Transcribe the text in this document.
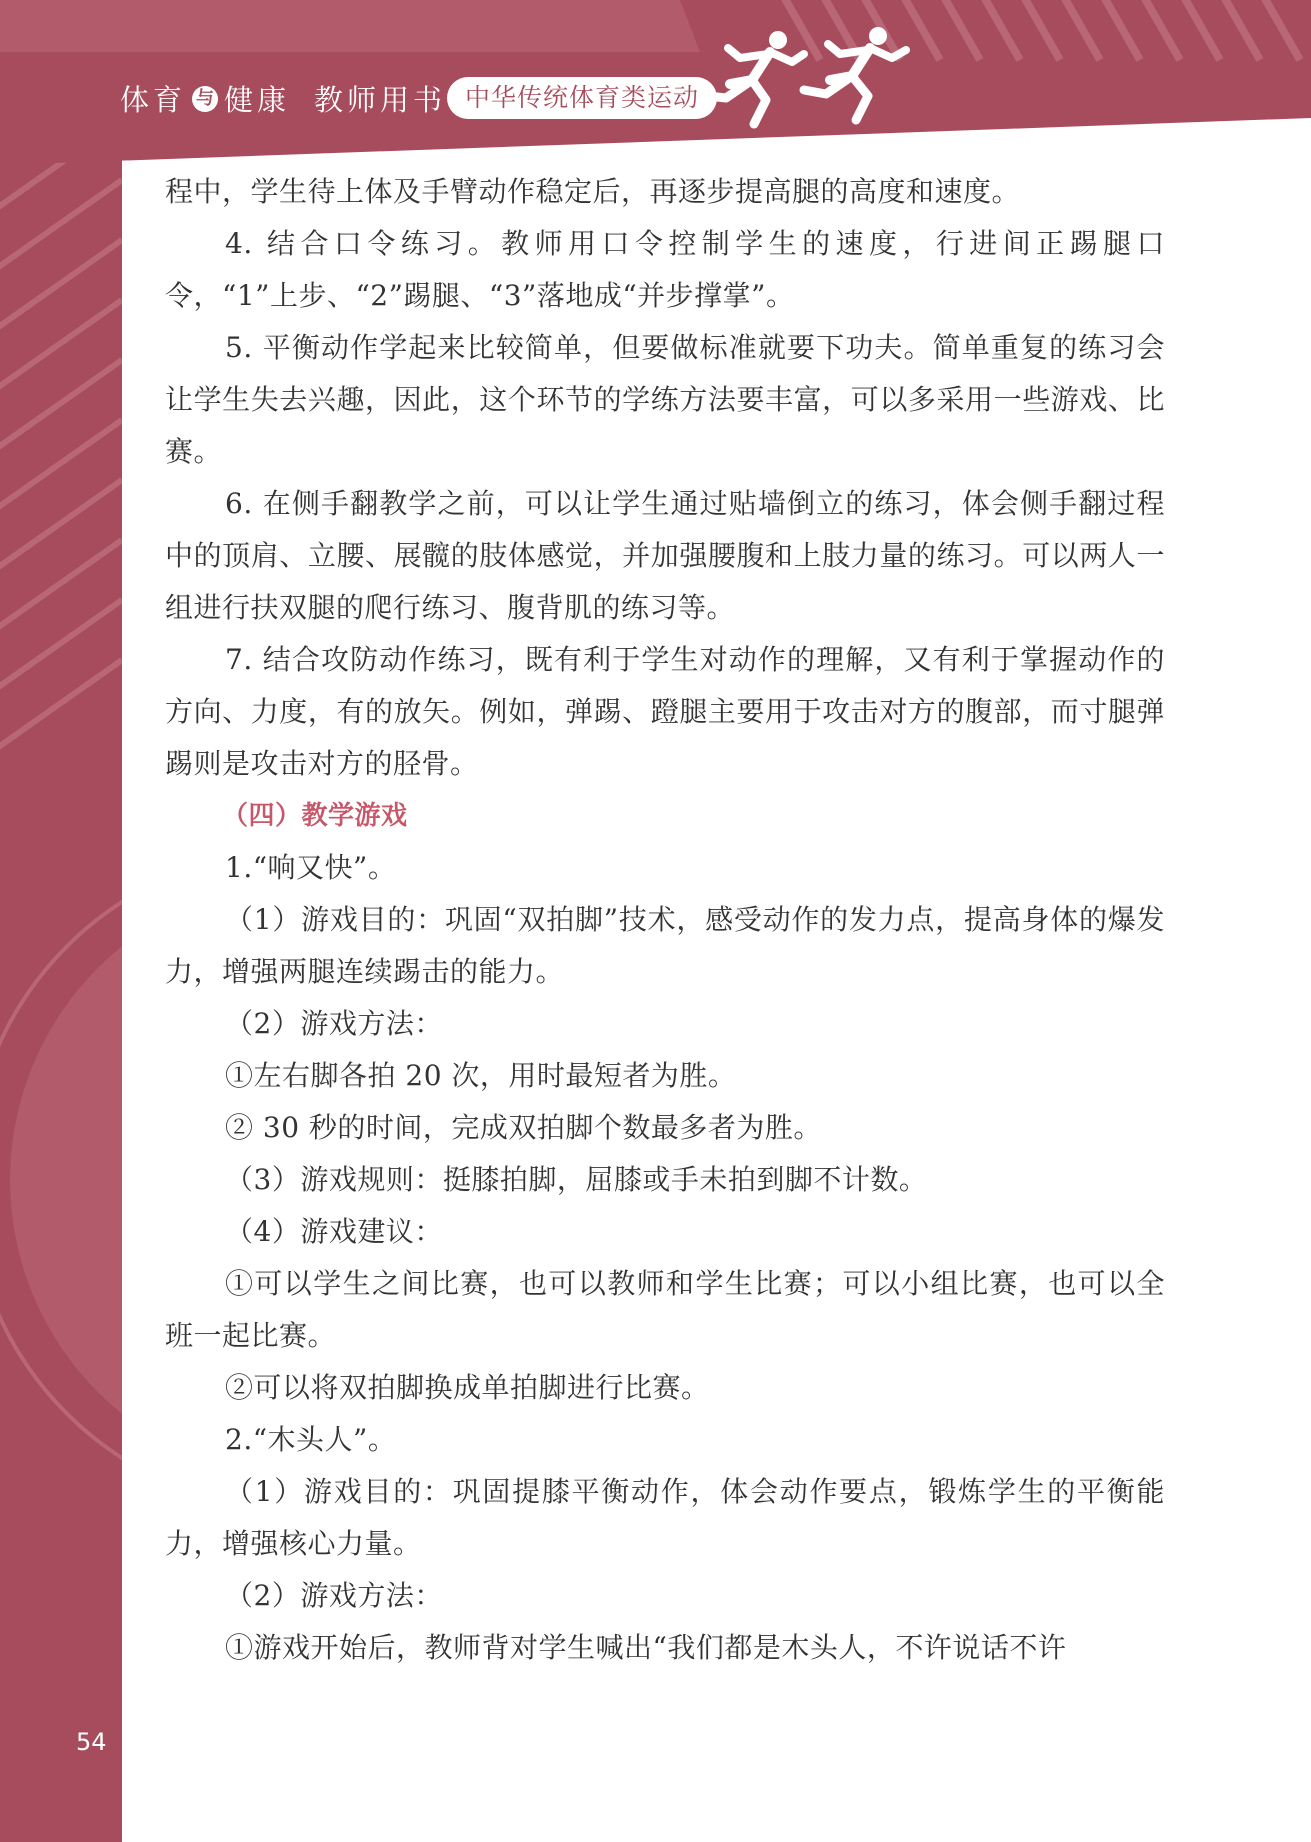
体育 与 健康 教师用书 中华传统体育类运动

程中，学生待上体及手臂动作稳定后，再逐步提高腿的高度和速度。

4. 结合口令练习。教师用口令控制学生的速度，行进间正踢腿口令，“1”上步、“2”踢腿、“3”落地成“并步撑掌”。

5. 平衡动作学起来比较简单，但要做标准就要下功夫。简单重复的练习会让学生失去兴趣，因此，这个环节的学练方法要丰富，可以多采用一些游戏、比赛。

6. 在侧手翻教学之前，可以让学生通过贴墙倒立的练习，体会侧手翻过程中的顶肩、立腰、展髋的肢体感觉，并加强腰腹和上肢力量的练习。可以两人一组进行扶双腿的爬行练习、腹背肌的练习等。

7. 结合攻防动作练习，既有利于学生对动作的理解，又有利于掌握动作的方向、力度，有的放矢。例如，弹踢、蹬腿主要用于攻击对方的腹部，而寸腿弹踢则是攻击对方的胫骨。

（四）教学游戏

1.“响又快”。

（1）游戏目的：巩固“双拍脚”技术，感受动作的发力点，提高身体的爆发力，增强两腿连续踢击的能力。

（2）游戏方法：

①左右脚各拍 20 次，用时最短者为胜。

② 30 秒的时间，完成双拍脚个数最多者为胜。

（3）游戏规则：挺膝拍脚，屈膝或手未拍到脚不计数。

（4）游戏建议：

①可以学生之间比赛，也可以教师和学生比赛；可以小组比赛，也可以全班一起比赛。

②可以将双拍脚换成单拍脚进行比赛。

2.“木头人”。

（1）游戏目的：巩固提膝平衡动作，体会动作要点，锻炼学生的平衡能力，增强核心力量。

（2）游戏方法：

①游戏开始后，教师背对学生喊出“我们都是木头人，不许说话不许

54
